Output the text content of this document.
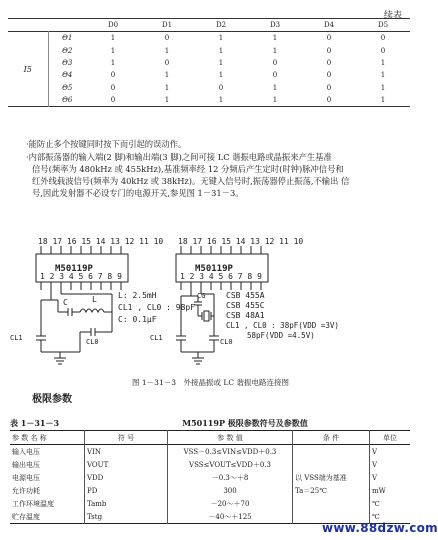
续表
		D0	D1	D2	D3	D4	D5
I5	Θ1	1	0	1	1	0	0
	Θ2	1	1	1	1	0	0
	Θ3	1	0	1	0	0	1
	Θ4	0	1	1	0	0	1
	Θ5	0	1	0	1	0	1
	Θ6	0	1	1	1	0	1
·能防止多个按键同时按下而引起的误动作。
·内部振荡器的输入端(2 脚)和输出端(3 脚)之间可接 LC 谐振电路或晶振来产生基准
信号(频率为 480kHz 或 455kHz),基准频率经 12 分频后产生定时(时钟)脉冲信号和
红外线载波信号(频率为 40kHz 或 38kHz)。无键入信号时,振荡器停止振荡,不输出 信
号,因此发射器不必设专门的电源开关,参见图 1－31－3。
18 17 16 15 14 13 12 11 10
M50119P
1 2 3 4 5 6 7 8 9
C	L
CL1	CL0
L: 2.5mH
CL1 , CL0 : 98pF
C: 0.1μF
18 17 16 15 14 13 12 11 10
M50119P
1 2 3 4 5 6 7 8 9
CG
CL1	CL0
CSB 455A
CSB 455C
CSB 48A1
CL1 , CL0 : 38pF(VDD =3V)
58pF(VDD =4.5V)
图 1－31－3　外接晶振或 LC 谐振电路连接图
极限参数
表 1－31－3	M50119P 极限参数符号及参数值
参 数 名 称	符 号	参 数 值	条 件	单位
输入电压	VIN	VSS－0.3≤VIN≤VDD＋0.3		V
输出电压	VOUT	VSS≤VOUT≤VDD＋0.3		V
电源电压	VDD	－0.3～＋8	以 VSS端为基准	V
允许功耗	PD	300	Ta＝25℃	mW
工作环境温度	Tamb	－20～＋70		℃
贮存温度	Tstg	－40～＋125		℃
www.88dzw.com
